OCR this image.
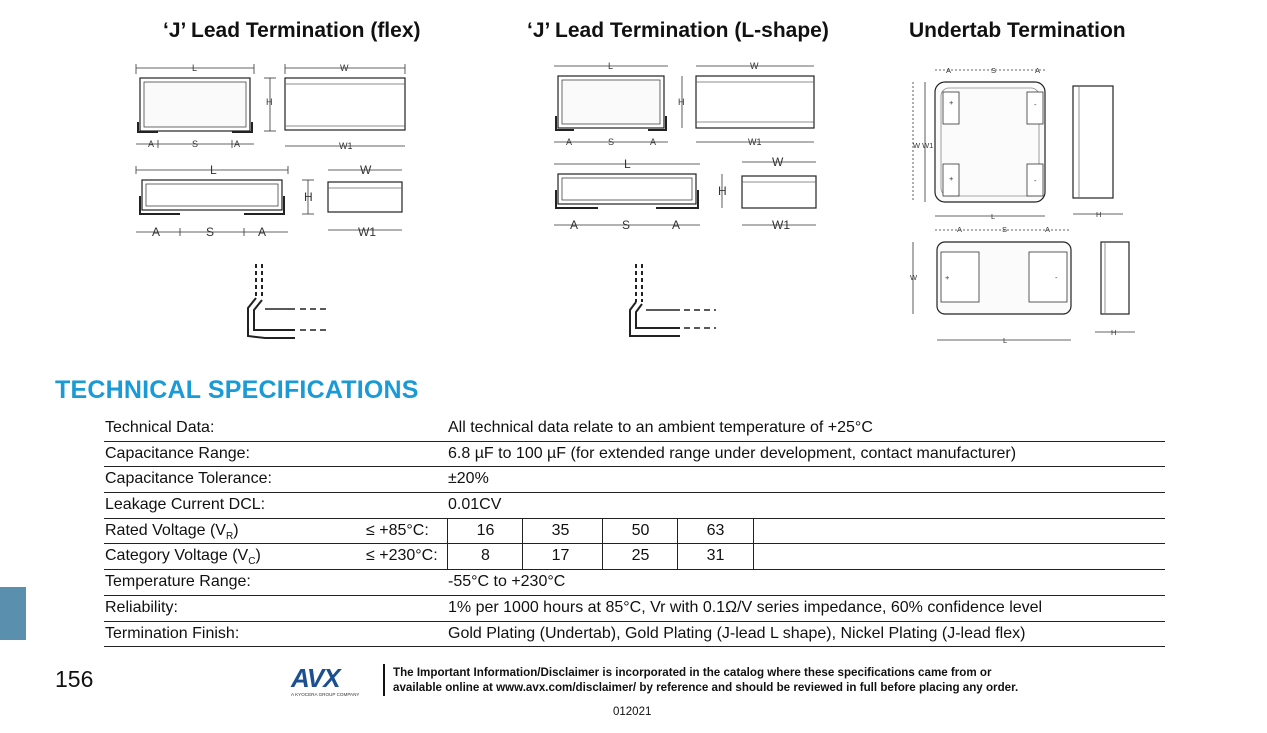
‘J’ Lead Termination (flex)	‘J’ Lead Termination (L-shape)	Undertab Termination
L
H
W
W1
A	S	A
L
H
W
W1
A	S	A
L
H
W
W1
A	S	A
L
H
W
W1
A	S	A
A	S	A
W W1
L	H
+	-
+	-
A	S	A
W	+	-
L
H
TECHNICAL SPECIFICATIONS
Technical Data:	All technical data relate to an ambient temperature of +25°C
Capacitance Range:	6.8 µF to 100 µF (for extended range under development, contact manufacturer)
Capacitance Tolerance:	±20%
Leakage Current DCL:	0.01CV
Rated Voltage $(V_R)$	≤ +85°C:	16	35	50	63
Category Voltage $(V_C)$	≤ +230°C:	8	17	25	31
Temperature Range:	-55°C to +230°C
Reliability:	1% per 1000 hours at 85°C, Vr with 0.1Ω/V series impedance, 60% confidence level
Termination Finish:	Gold Plating (Undertab), Gold Plating (J-lead L shape), Nickel Plating (J-lead flex)
156	AVX
A KYOCERA GROUP COMPANY
The Important Information/Disclaimer is incorporated in the catalog where these specifications came from or
available online at www.avx.com/disclaimer/ by reference and should be reviewed in full before placing any order.
012021
